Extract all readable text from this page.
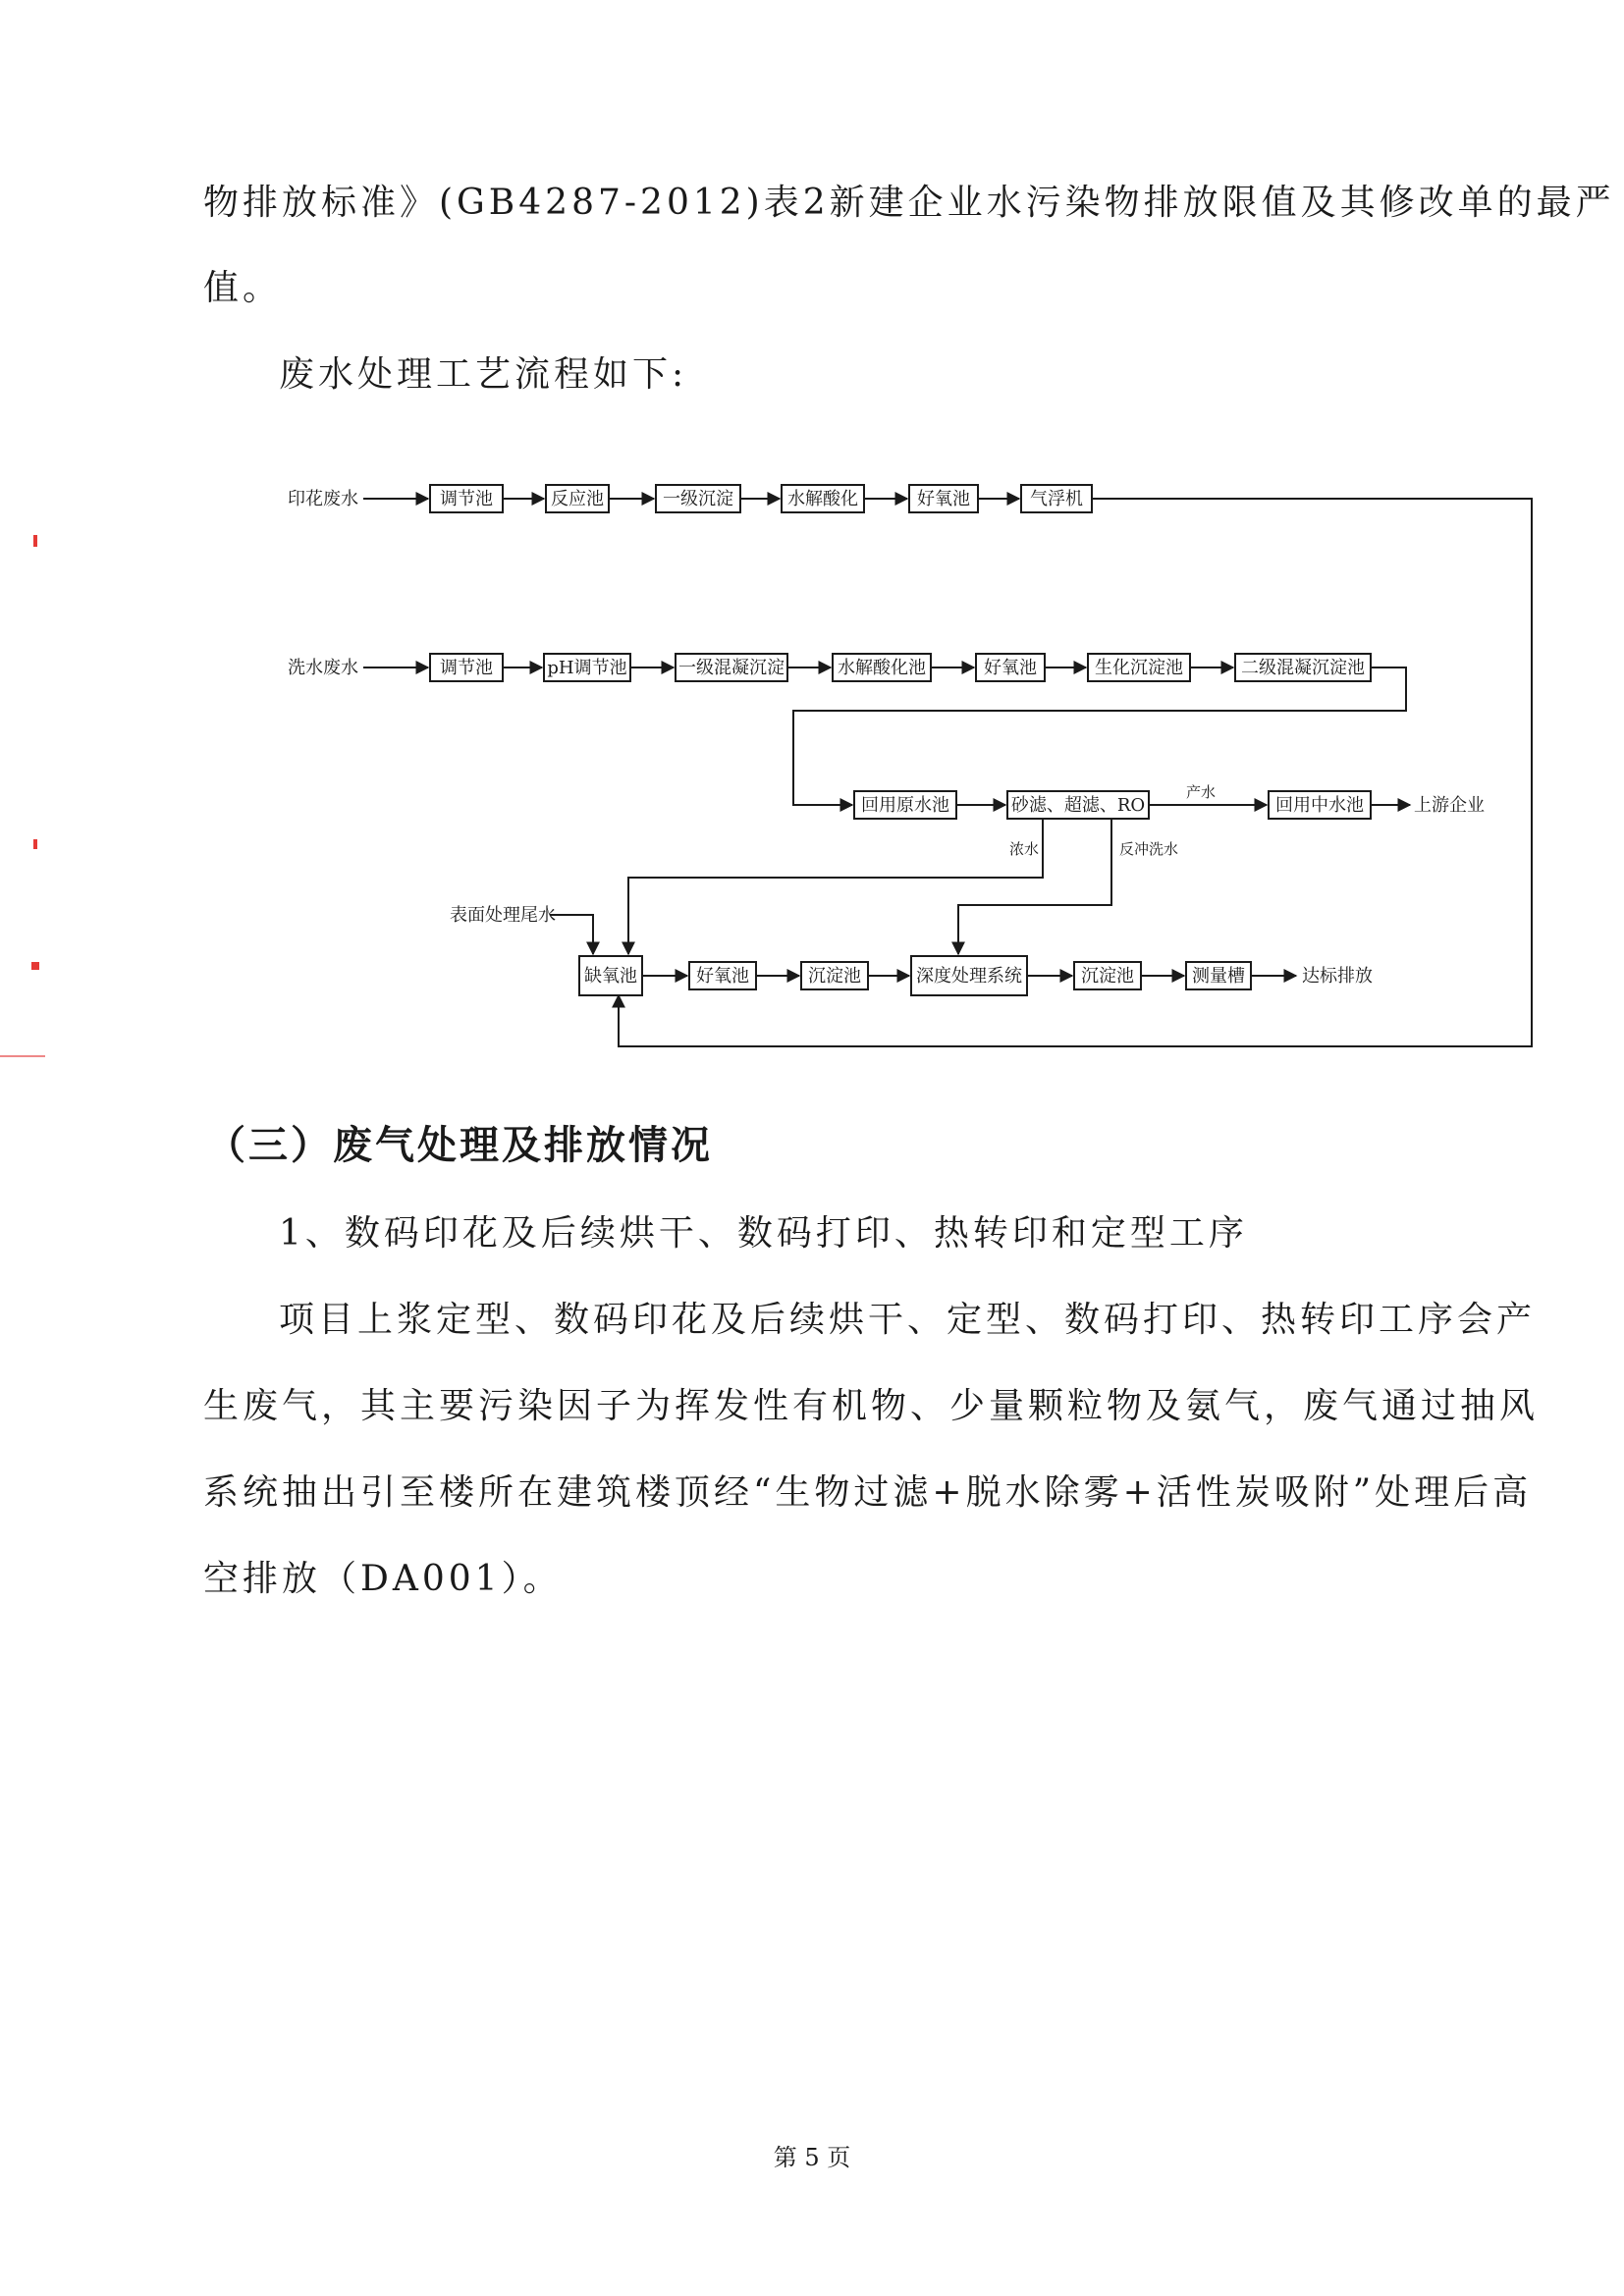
物排放标准》(GB4287-2012)表2新建企业水污染物排放限值及其修改单的最严

值。

废水处理工艺流程如下:

印花废水	调节池	反应池	一级沉淀	水解酸化	好氧池	气浮机
洗水废水	调节池	pH调节池	一级混凝沉淀	水解酸化池	好氧池	生化沉淀池	二级混凝沉淀池
回用原水池	砂滤、超滤、RO
产水
回用中水池	上游企业
浓水	反冲洗水
表面处理尾水
缺氧池	好氧池	沉淀池	深度处理系统	沉淀池	测量槽	达标排放
（三）废气处理及排放情况

1、数码印花及后续烘干、数码打印、热转印和定型工序

项目上浆定型、数码印花及后续烘干、定型、数码打印、热转印工序会产

生废气，其主要污染因子为挥发性有机物、少量颗粒物及氨气，废气通过抽风

系统抽出引至楼所在建筑楼顶经“生物过滤+脱水除雾+活性炭吸附”处理后高

空排放（DA001）。

第 5 页
